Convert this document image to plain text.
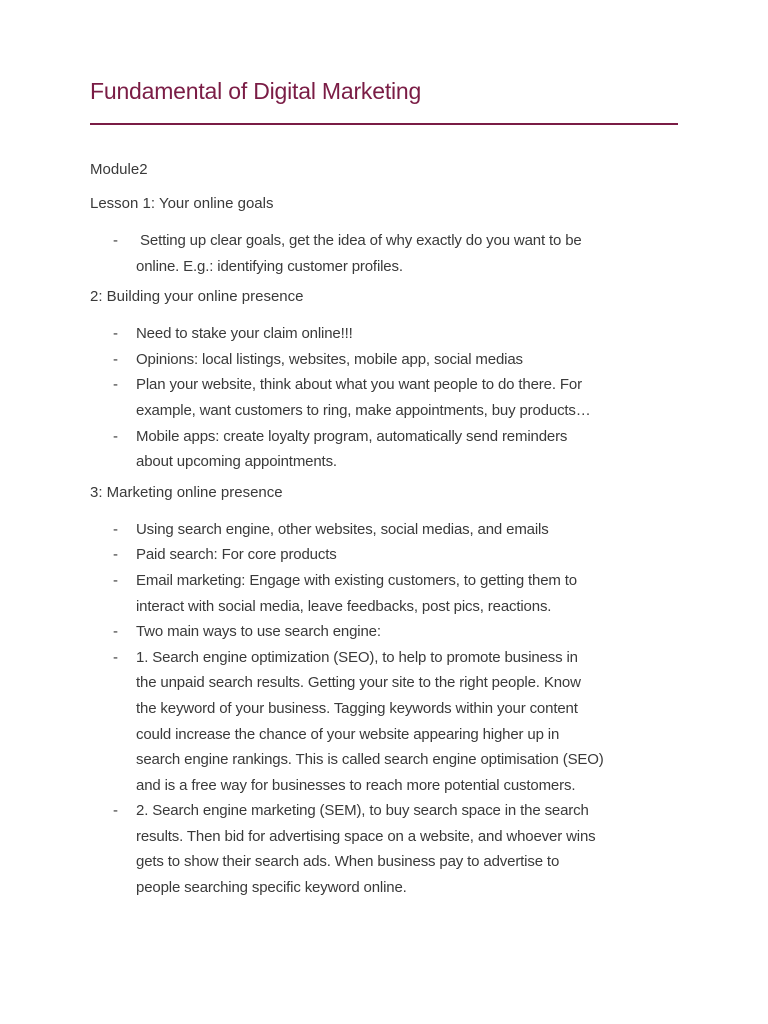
Fundamental of Digital Marketing
Module2
Lesson 1: Your online goals
- Setting up clear goals, get the idea of why exactly do you want to be
online. E.g.: identifying customer profiles.
2: Building your online presence
- Need to stake your claim online!!!
- Opinions: local listings, websites, mobile app, social medias
- Plan your website, think about what you want people to do there. For
example, want customers to ring, make appointments, buy products…
- Mobile apps: create loyalty program, automatically send reminders
about upcoming appointments.
3: Marketing online presence
- Using search engine, other websites, social medias, and emails
- Paid search: For core products
- Email marketing: Engage with existing customers, to getting them to
interact with social media, leave feedbacks, post pics, reactions.
- Two main ways to use search engine:
- 1. Search engine optimization (SEO), to help to promote business in
the unpaid search results. Getting your site to the right people. Know
the keyword of your business. Tagging keywords within your content
could increase the chance of your website appearing higher up in
search engine rankings. This is called search engine optimisation (SEO)
and is a free way for businesses to reach more potential customers.
- 2. Search engine marketing (SEM), to buy search space in the search
results. Then bid for advertising space on a website, and whoever wins
gets to show their search ads. When business pay to advertise to
people searching specific keyword online.
